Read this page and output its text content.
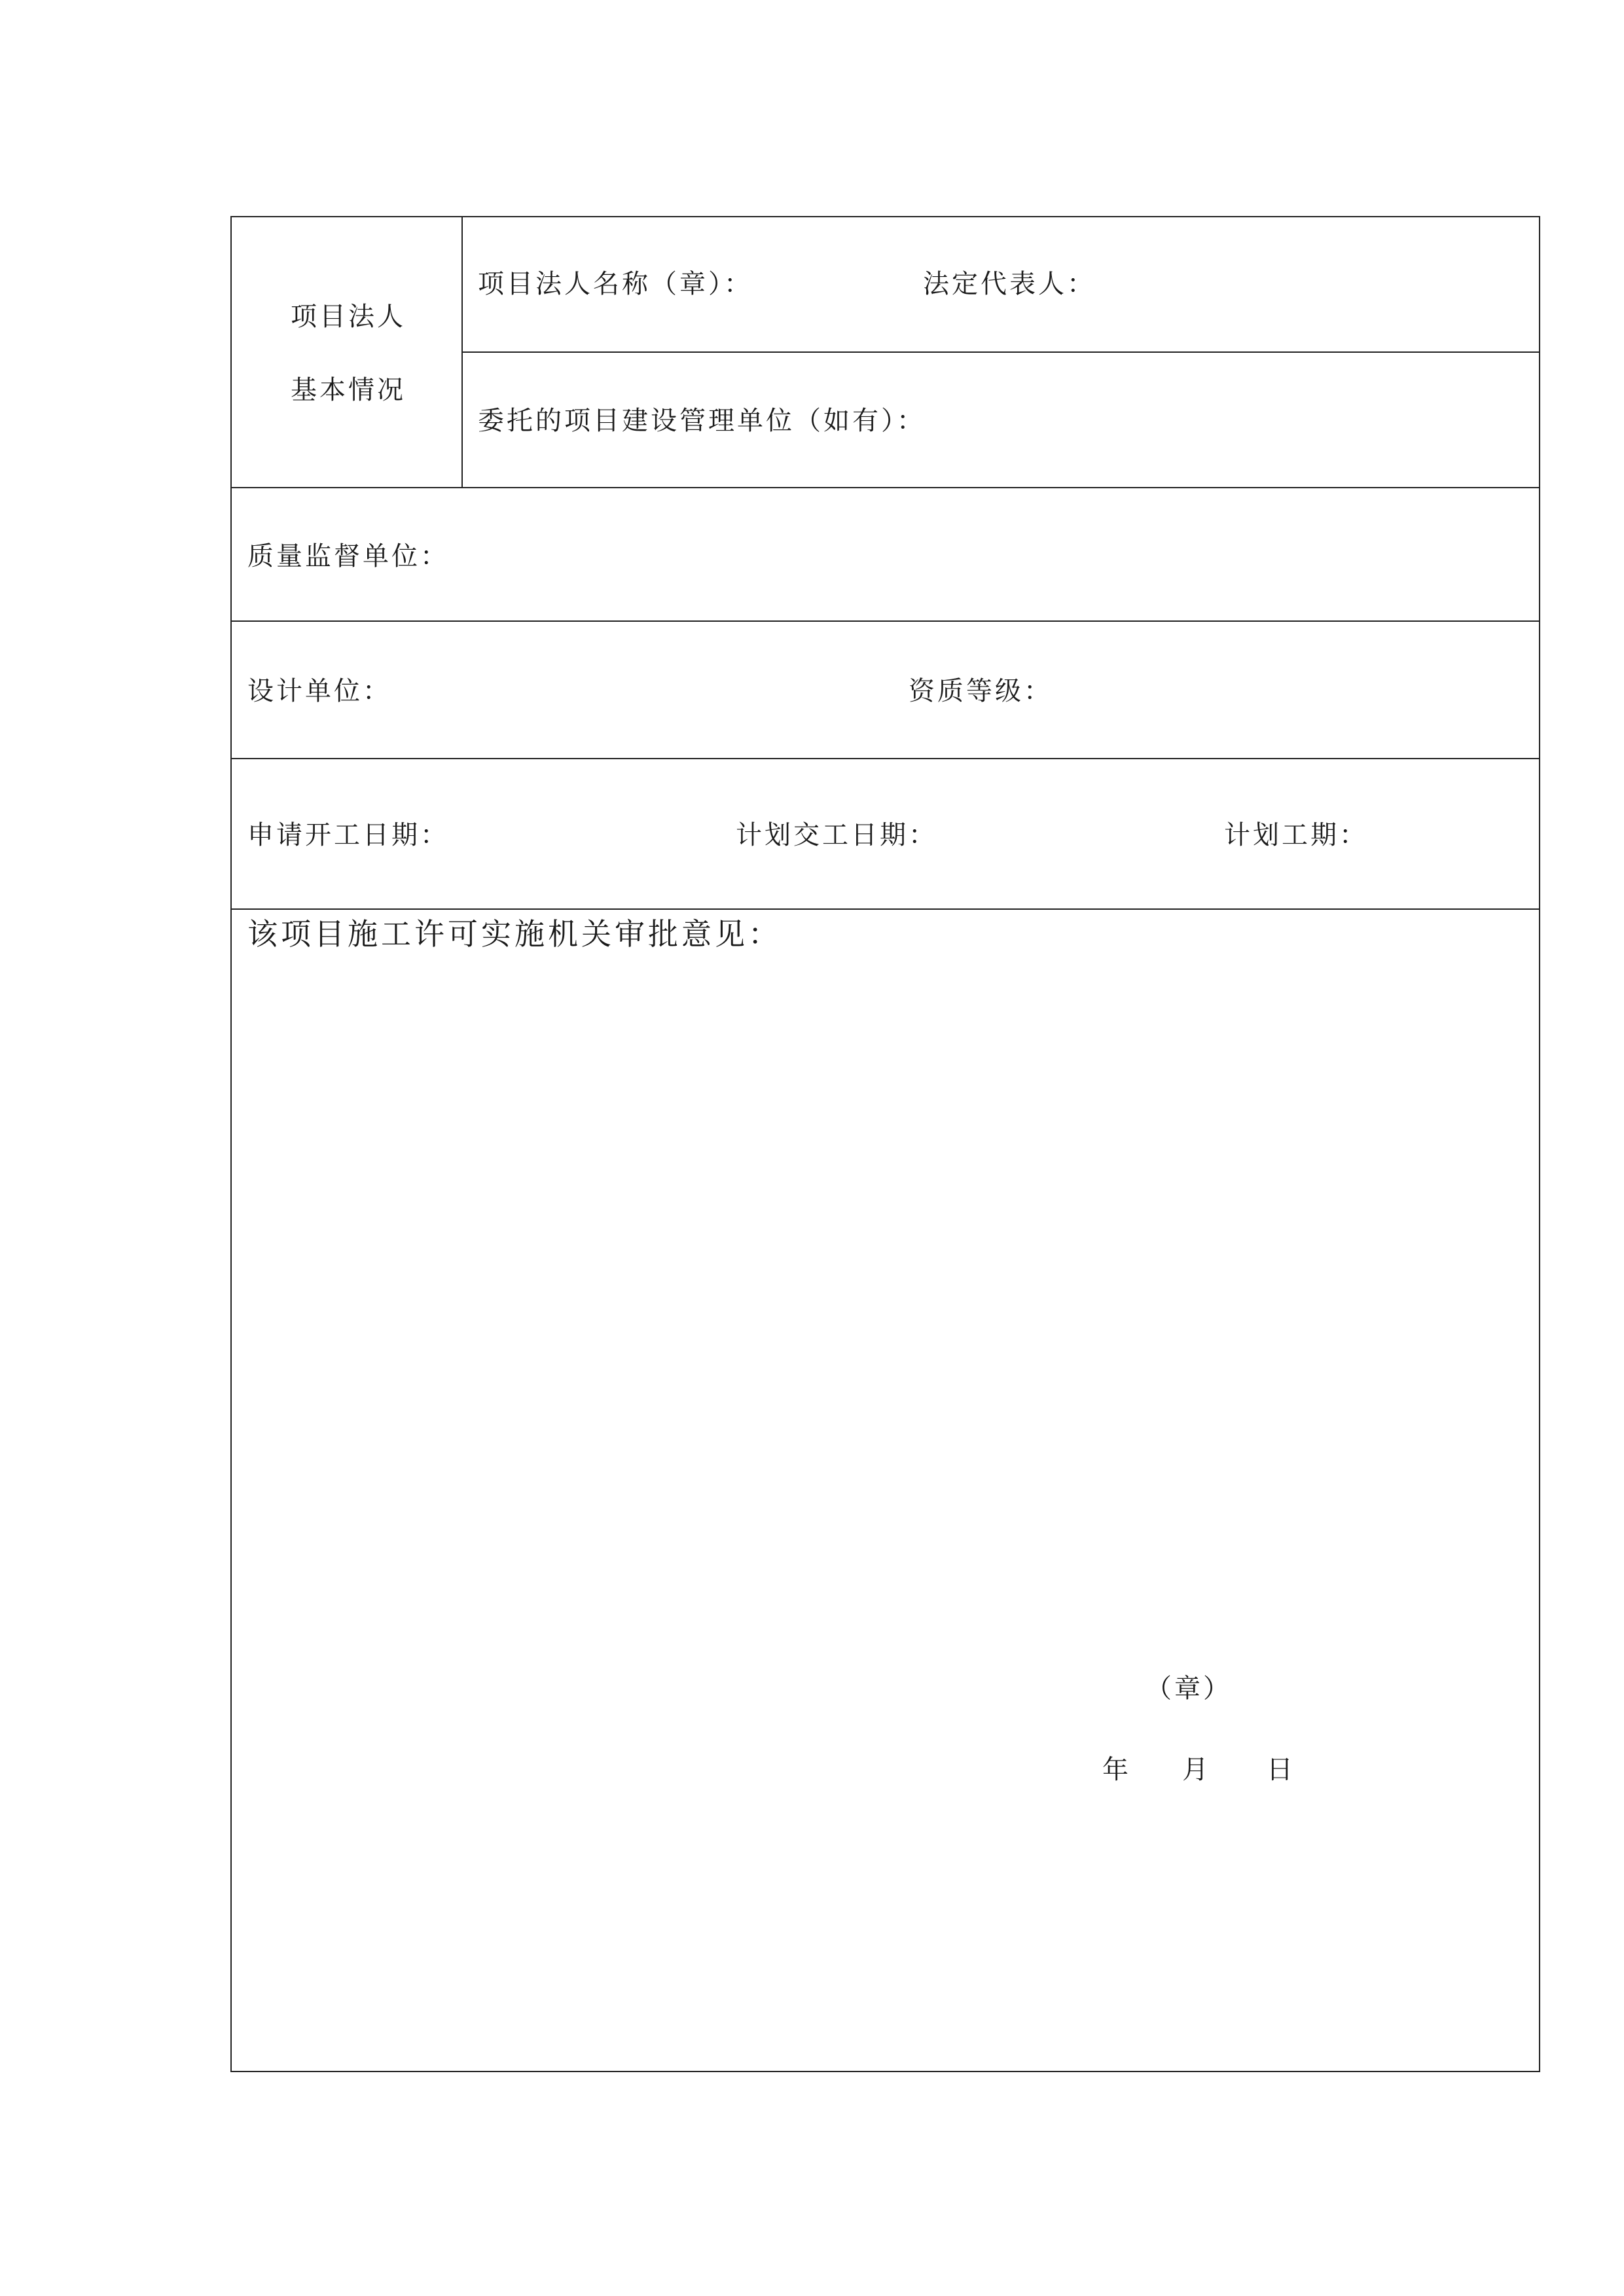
项目法人
基本情况
项目法人名称（章）：	法定代表人：
委托的项目建设管理单位（如有）：
质量监督单位：
设计单位：	资质等级：
申请开工日期：	计划交工日期：	计划工期：
该项目施工许可实施机关审批意见：
（章）
年 月 日
